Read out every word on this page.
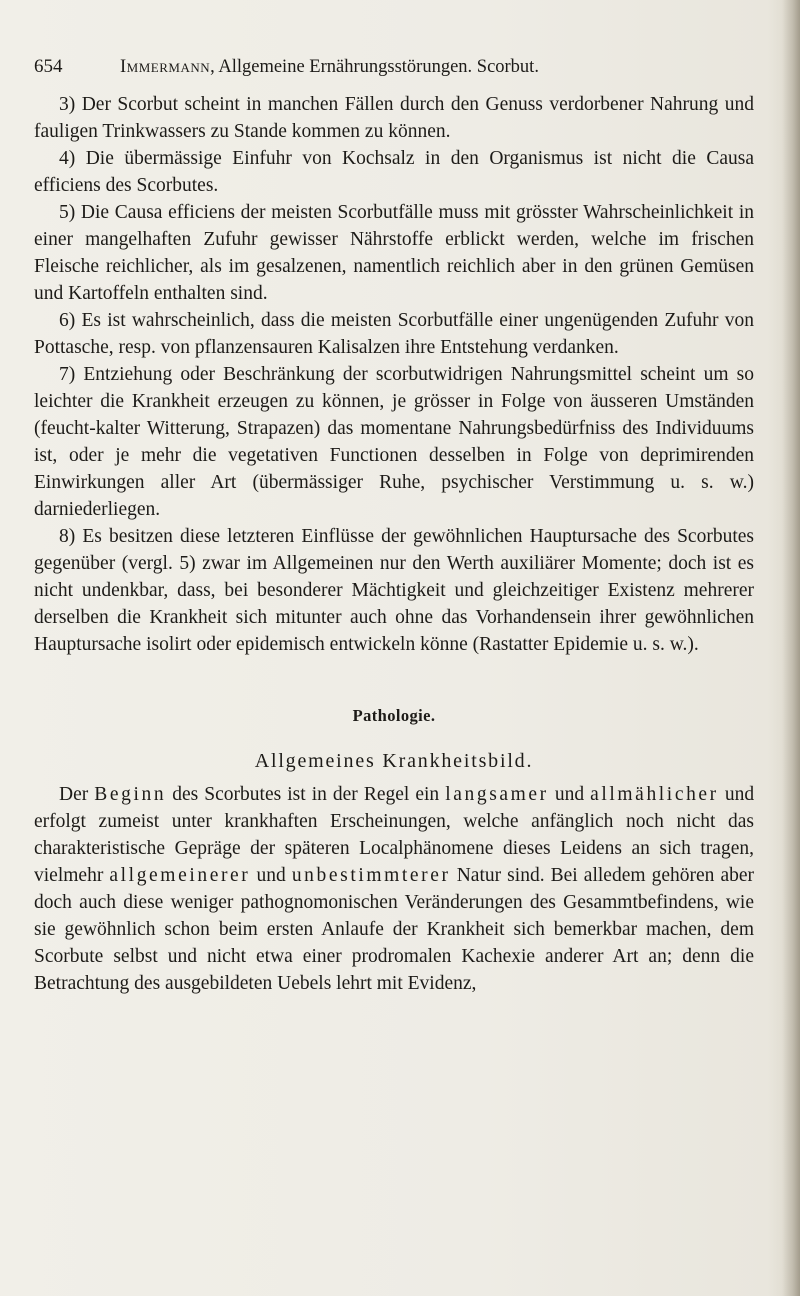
654	Immermann, Allgemeine Ernährungsstörungen. Scorbut.

3) Der Scorbut scheint in manchen Fällen durch den Genuss verdorbener Nahrung und fauligen Trinkwassers zu Stande kommen zu können.

4) Die übermässige Einfuhr von Kochsalz in den Organismus ist nicht die Causa efficiens des Scorbutes.

5) Die Causa efficiens der meisten Scorbutfälle muss mit grösster Wahrscheinlichkeit in einer mangelhaften Zufuhr gewisser Nährstoffe erblickt werden, welche im frischen Fleische reichlicher, als im gesalzenen, namentlich reichlich aber in den grünen Gemüsen und Kartoffeln enthalten sind.

6) Es ist wahrscheinlich, dass die meisten Scorbutfälle einer ungenügenden Zufuhr von Pottasche, resp. von pflanzensauren Kalisalzen ihre Entstehung verdanken.

7) Entziehung oder Beschränkung der scorbutwidrigen Nahrungsmittel scheint um so leichter die Krankheit erzeugen zu können, je grösser in Folge von äusseren Umständen (feucht-kalter Witterung, Strapazen) das momentane Nahrungsbedürfniss des Individuums ist, oder je mehr die vegetativen Functionen desselben in Folge von deprimirenden Einwirkungen aller Art (übermässiger Ruhe, psychischer Verstimmung u. s. w.) darniederliegen.

8) Es besitzen diese letzteren Einflüsse der gewöhnlichen Hauptursache des Scorbutes gegenüber (vergl. 5) zwar im Allgemeinen nur den Werth auxiliärer Momente; doch ist es nicht undenkbar, dass, bei besonderer Mächtigkeit und gleichzeitiger Existenz mehrerer derselben die Krankheit sich mitunter auch ohne das Vorhandensein ihrer gewöhnlichen Hauptursache isolirt oder epidemisch entwickeln könne (Rastatter Epidemie u. s. w.).

Pathologie.
Allgemeines Krankheitsbild.

Der Beginn des Scorbutes ist in der Regel ein langsamer und allmählicher und erfolgt zumeist unter krankhaften Erscheinungen, welche anfänglich noch nicht das charakteristische Gepräge der späteren Localphänomene dieses Leidens an sich tragen, vielmehr allgemeinerer und unbestimmterer Natur sind. Bei alledem gehören aber doch auch diese weniger pathognomonischen Veränderungen des Gesammtbefindens, wie sie gewöhnlich schon beim ersten Anlaufe der Krankheit sich bemerkbar machen, dem Scorbute selbst und nicht etwa einer prodromalen Kachexie anderer Art an; denn die Betrachtung des ausgebildeten Uebels lehrt mit Evidenz,
